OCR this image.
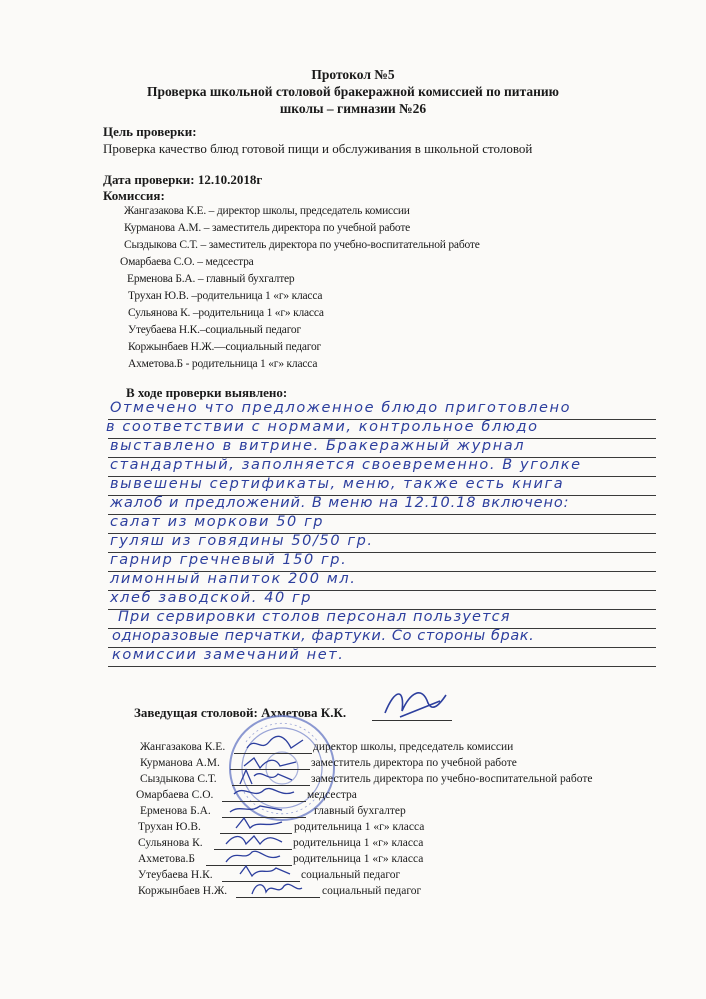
Протокол №5
Проверка школьной столовой бракеражной комиссией по питанию
школы – гимназии №26
Цель проверки:
Проверка качество блюд готовой пищи и обслуживания в школьной столовой
Дата проверки: 12.10.2018г
Комиссия:
Жангазакова К.Е. – директор школы, председатель комиссии
Курманова А.М. – заместитель директора по учебной работе
Сыздыкова С.Т. – заместитель директора по учебно-воспитательной работе
Омарбаева С.О. – медсестра
Ерменова Б.А. – главный бухгалтер
Трухан Ю.В. –родительница 1 «г» класса
Сульянова К. –родительница 1 «г» класса
Утеубаева Н.К.–социальный педагог
Коржынбаев Н.Ж.—социальный педагог
Ахметова.Б - родительница 1 «г» класса
В ходе проверки выявлено:
Отмечено что предложенное блюдо приготовлено
в соответствии с нормами, контрольное блюдо
выставлено в витрине. Бракеражный журнал
стандартный, заполняется своевременно. В уголке
вывешены сертификаты, меню, также есть книга
жалоб и предложений. В меню на 12.10.18 включено:
салат из моркови 50 гр
гуляш из говядины 50/50 гр.
гарнир гречневый 150 гр.
лимонный напиток 200 мл.
хлеб заводской. 40 гр
При сервировки столов персонал пользуется
одноразовые перчатки, фартуки. Со стороны брак.
комиссии замечаний нет.
Заведущая столовой: Ахметова К.К.
Жангазакова К.Е.	директор школы, председатель комиссии
Курманова А.М.	заместитель директора по учебной работе
Сыздыкова С.Т.	заместитель директора по учебно-воспитательной работе
Омарбаева С.О.	медсестра
Ерменова Б.А.	главный бухгалтер
Трухан Ю.В.	родительница 1 «г» класса
Сульянова К.	родительница 1 «г» класса
Ахметова.Б	родительница 1 «г» класса
Утеубаева Н.К.	социальный педагог
Коржынбаев Н.Ж.	социальный педагог
